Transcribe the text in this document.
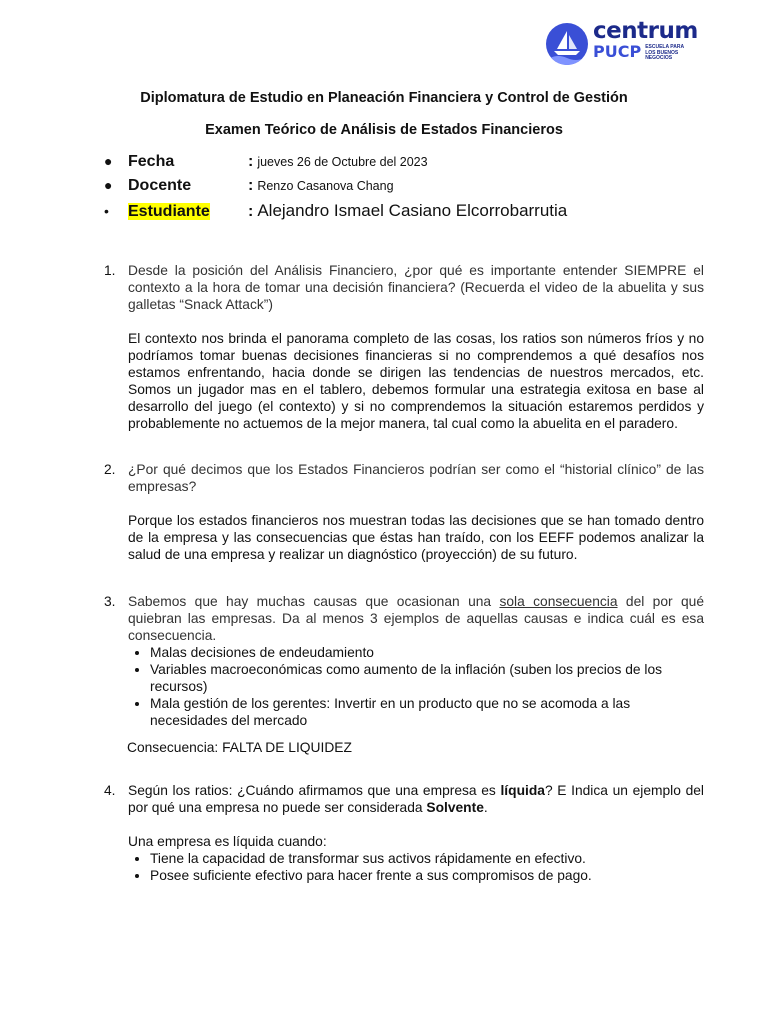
centrum
PUCP ESCUELA PARA LOS BUENOS NEGOCIOS
Diplomatura de Estudio en Planeación Financiera y Control de Gestión
Examen Teórico de Análisis de Estados Financieros
● Fecha	: jueves 26 de Octubre del 2023
● Docente	: Renzo Casanova Chang
•	Estudiante	: Alejandro Ismael Casiano Elcorrobarrutia
1. Desde la posición del Análisis Financiero, ¿por qué es importante entender SIEMPRE el contexto a la hora de tomar una decisión financiera? (Recuerda el video de la abuelita y sus galletas “Snack Attack”)
El contexto nos brinda el panorama completo de las cosas, los ratios son números fríos y no podríamos tomar buenas decisiones financieras si no comprendemos a qué desafíos nos estamos enfrentando, hacia donde se dirigen las tendencias de nuestros mercados, etc. Somos un jugador mas en el tablero, debemos formular una estrategia exitosa en base al desarrollo del juego (el contexto) y si no comprendemos la situación estaremos perdidos y probablemente no actuemos de la mejor manera, tal cual como la abuelita en el paradero.
2. ¿Por qué decimos que los Estados Financieros podrían ser como el “historial clínico” de las empresas?
Porque los estados financieros nos muestran todas las decisiones que se han tomado dentro de la empresa y las consecuencias que éstas han traído, con los EEFF podemos analizar la salud de una empresa y realizar un diagnóstico (proyección) de su futuro.
3. Sabemos que hay muchas causas que ocasionan una sola consecuencia del por qué quiebran las empresas. Da al menos 3 ejemplos de aquellas causas e indica cuál es esa consecuencia.
• Malas decisiones de endeudamiento
• Variables macroeconómicas como aumento de la inflación (suben los precios de los recursos)
• Mala gestión de los gerentes: Invertir en un producto que no se acomoda a las necesidades del mercado
Consecuencia: FALTA DE LIQUIDEZ
4. Según los ratios: ¿Cuándo afirmamos que una empresa es líquida? E Indica un ejemplo del por qué una empresa no puede ser considerada Solvente.
Una empresa es líquida cuando:
• Tiene la capacidad de transformar sus activos rápidamente en efectivo.
• Posee suficiente efectivo para hacer frente a sus compromisos de pago.
